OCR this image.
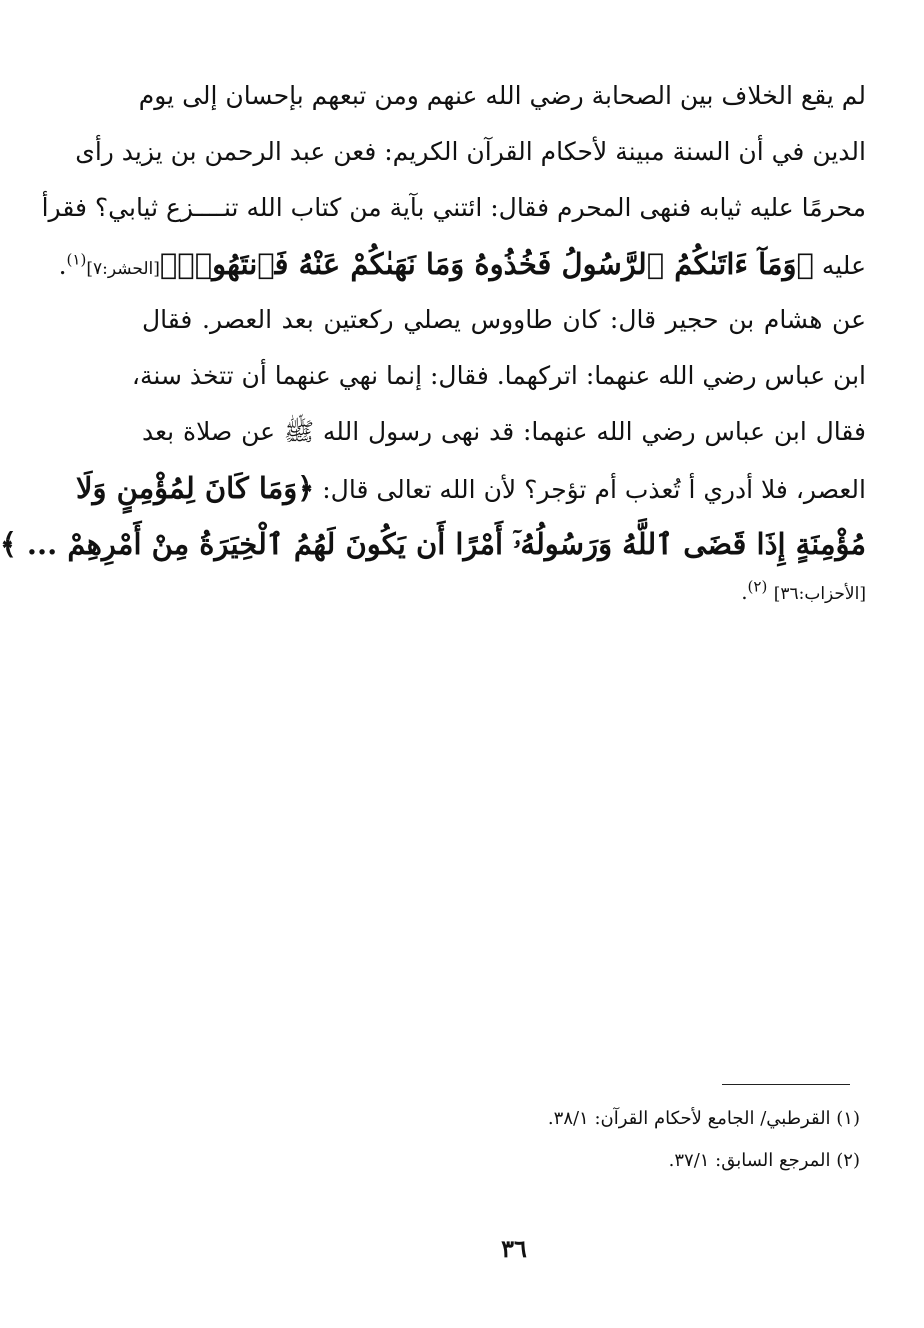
لم يقع الخلاف بين الصحابة رضي الله عنهم ومن تبعهم بإحسان إلى يوم
الدين في أن السنة مبينة لأحكام القرآن الكريم: فعن عبد الرحمن بن يزيد رأى
محرمًا عليه ثيابه فنهى المحرم فقال: ائتني بآية من كتاب الله تنــــزع ثيابي؟ فقرأ
عليه ﴿وَمَآ ءَاتَىٰكُمُ ٱلرَّسُولُ فَخُذُوهُ وَمَا نَهَىٰكُمْ عَنْهُ فَٱنتَهُوا۟﴾[الحشر:٧]$^{(١)}$.
عن هشام بن حجير قال: كان طاووس يصلي ركعتين بعد العصر. فقال
ابن عباس رضي الله عنهما: اتركهما. فقال: إنما نهي عنهما أن تتخذ سنة،
فقال ابن عباس رضي الله عنهما: قد نهى رسول الله ﷺ عن صلاة بعد
العصر، فلا أدري أ تُعذب أم تؤجر؟ لأن الله تعالى قال: ﴿وَمَا كَانَ لِمُؤْمِنٍ وَلَا
مُؤْمِنَةٍ إِذَا قَضَى ٱللَّهُ وَرَسُولُهُۥٓ أَمْرًا أَن يَكُونَ لَهُمُ ٱلْخِيَرَةُ مِنْ أَمْرِهِمْ ... ﴾
[الأحزاب:٣٦] $^{(٢)}$.
(١) القرطبي/ الجامع لأحكام القرآن: ٣٨/١.
(٢) المرجع السابق: ٣٧/١.
٣٦
